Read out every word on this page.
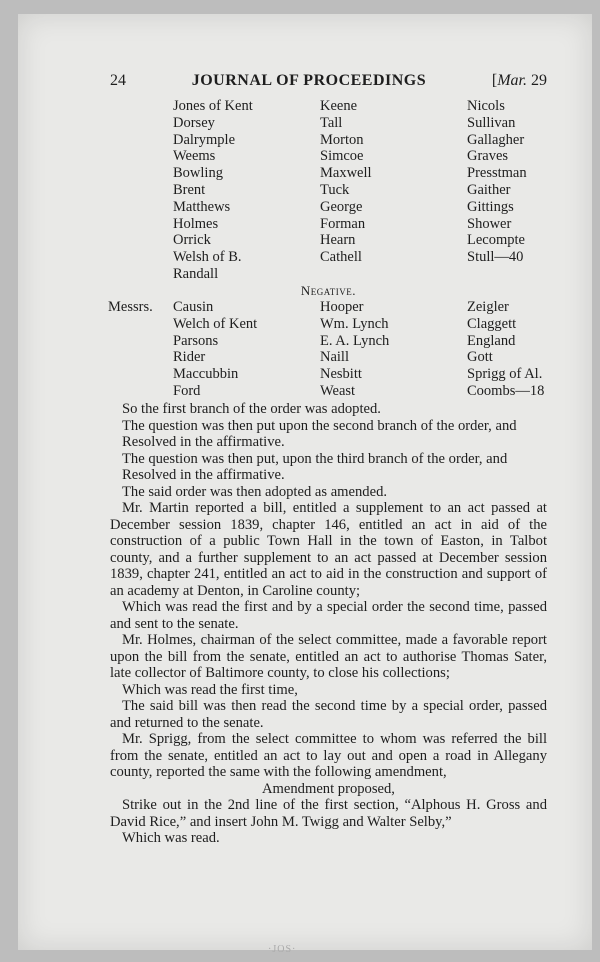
24	JOURNAL OF PROCEEDINGS	[Mar. 29
Jones of Kent
Dorsey
Dalrymple
Weems
Bowling
Brent
Matthews
Holmes
Orrick
Welsh of B.
Randall
Keene
Tall
Morton
Simcoe
Maxwell
Tuck
George
Forman
Hearn
Cathell
Nicols
Sullivan
Gallagher
Graves
Presstman
Gaither
Gittings
Shower
Lecompte
Stull—40
Negative.
Messrs. Causin
Welch of Kent
Parsons
Rider
Maccubbin
Ford
Hooper
Wm. Lynch
E. A. Lynch
Naill
Nesbitt
Weast
Zeigler
Claggett
England
Gott
Sprigg of Al.
Coombs—18

So the first branch of the order was adopted.

The question was then put upon the second branch of the order, and

Resolved in the affirmative.

The question was then put, upon the third branch of the order, and

Resolved in the affirmative.

The said order was then adopted as amended.

Mr. Martin reported a bill, entitled a supplement to an act passed at December session 1839, chapter 146, entitled an act in aid of the construction of a public Town Hall in the town of Easton, in Talbot county, and a further supplement to an act passed at December session 1839, chapter 241, entitled an act to aid in the construction and support of an academy at Denton, in Caroline county;

Which was read the first and by a special order the second time, passed and sent to the senate.

Mr. Holmes, chairman of the select committee, made a favorable report upon the bill from the senate, entitled an act to authorise Thomas Sater, late collector of Baltimore county, to close his collections;

Which was read the first time,

The said bill was then read the second time by a special order, passed and returned to the senate.

Mr. Sprigg, from the select committee to whom was referred the bill from the senate, entitled an act to lay out and open a road in Allegany county, reported the same with the following amendment,

Amendment proposed,

Strike out in the 2nd line of the first section, “Alphous H. Gross and David Rice,” and insert John M. Twigg and Walter Selby,”

Which was read.

·JOS·
